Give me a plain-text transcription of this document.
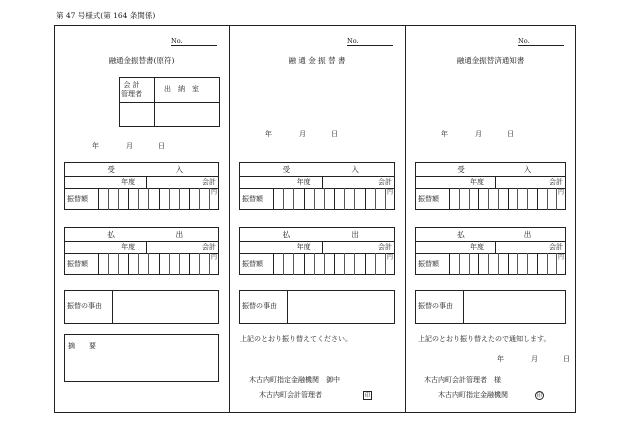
第 47 号様式(第 164 条関係)
No.
融通金振替書(原符)
受	入
年度	会計
振替額
円
払	出
年度	会計
振替額
円
振替の事由
No.
融 通 金 振 替 書
受	入
年度	会計
振替額
円
払	出
年度	会計
振替額
円
振替の事由
No.
融通金振替済通知書
受	入
年度	会計
振替額
円
払	出
年度	会計
振替額
円
振替の事由
会 計
管理者
出　納　室
年	月	日
年	月	日	年	月	日
年	月	日
摘　　要
上記のとおり振り替えてください。
木古内町指定金融機関　御中
木古内町会計管理者	印
上記のとおり振り替えたので通知します。
木古内町会計管理者　様
木古内町指定金融機関	印
